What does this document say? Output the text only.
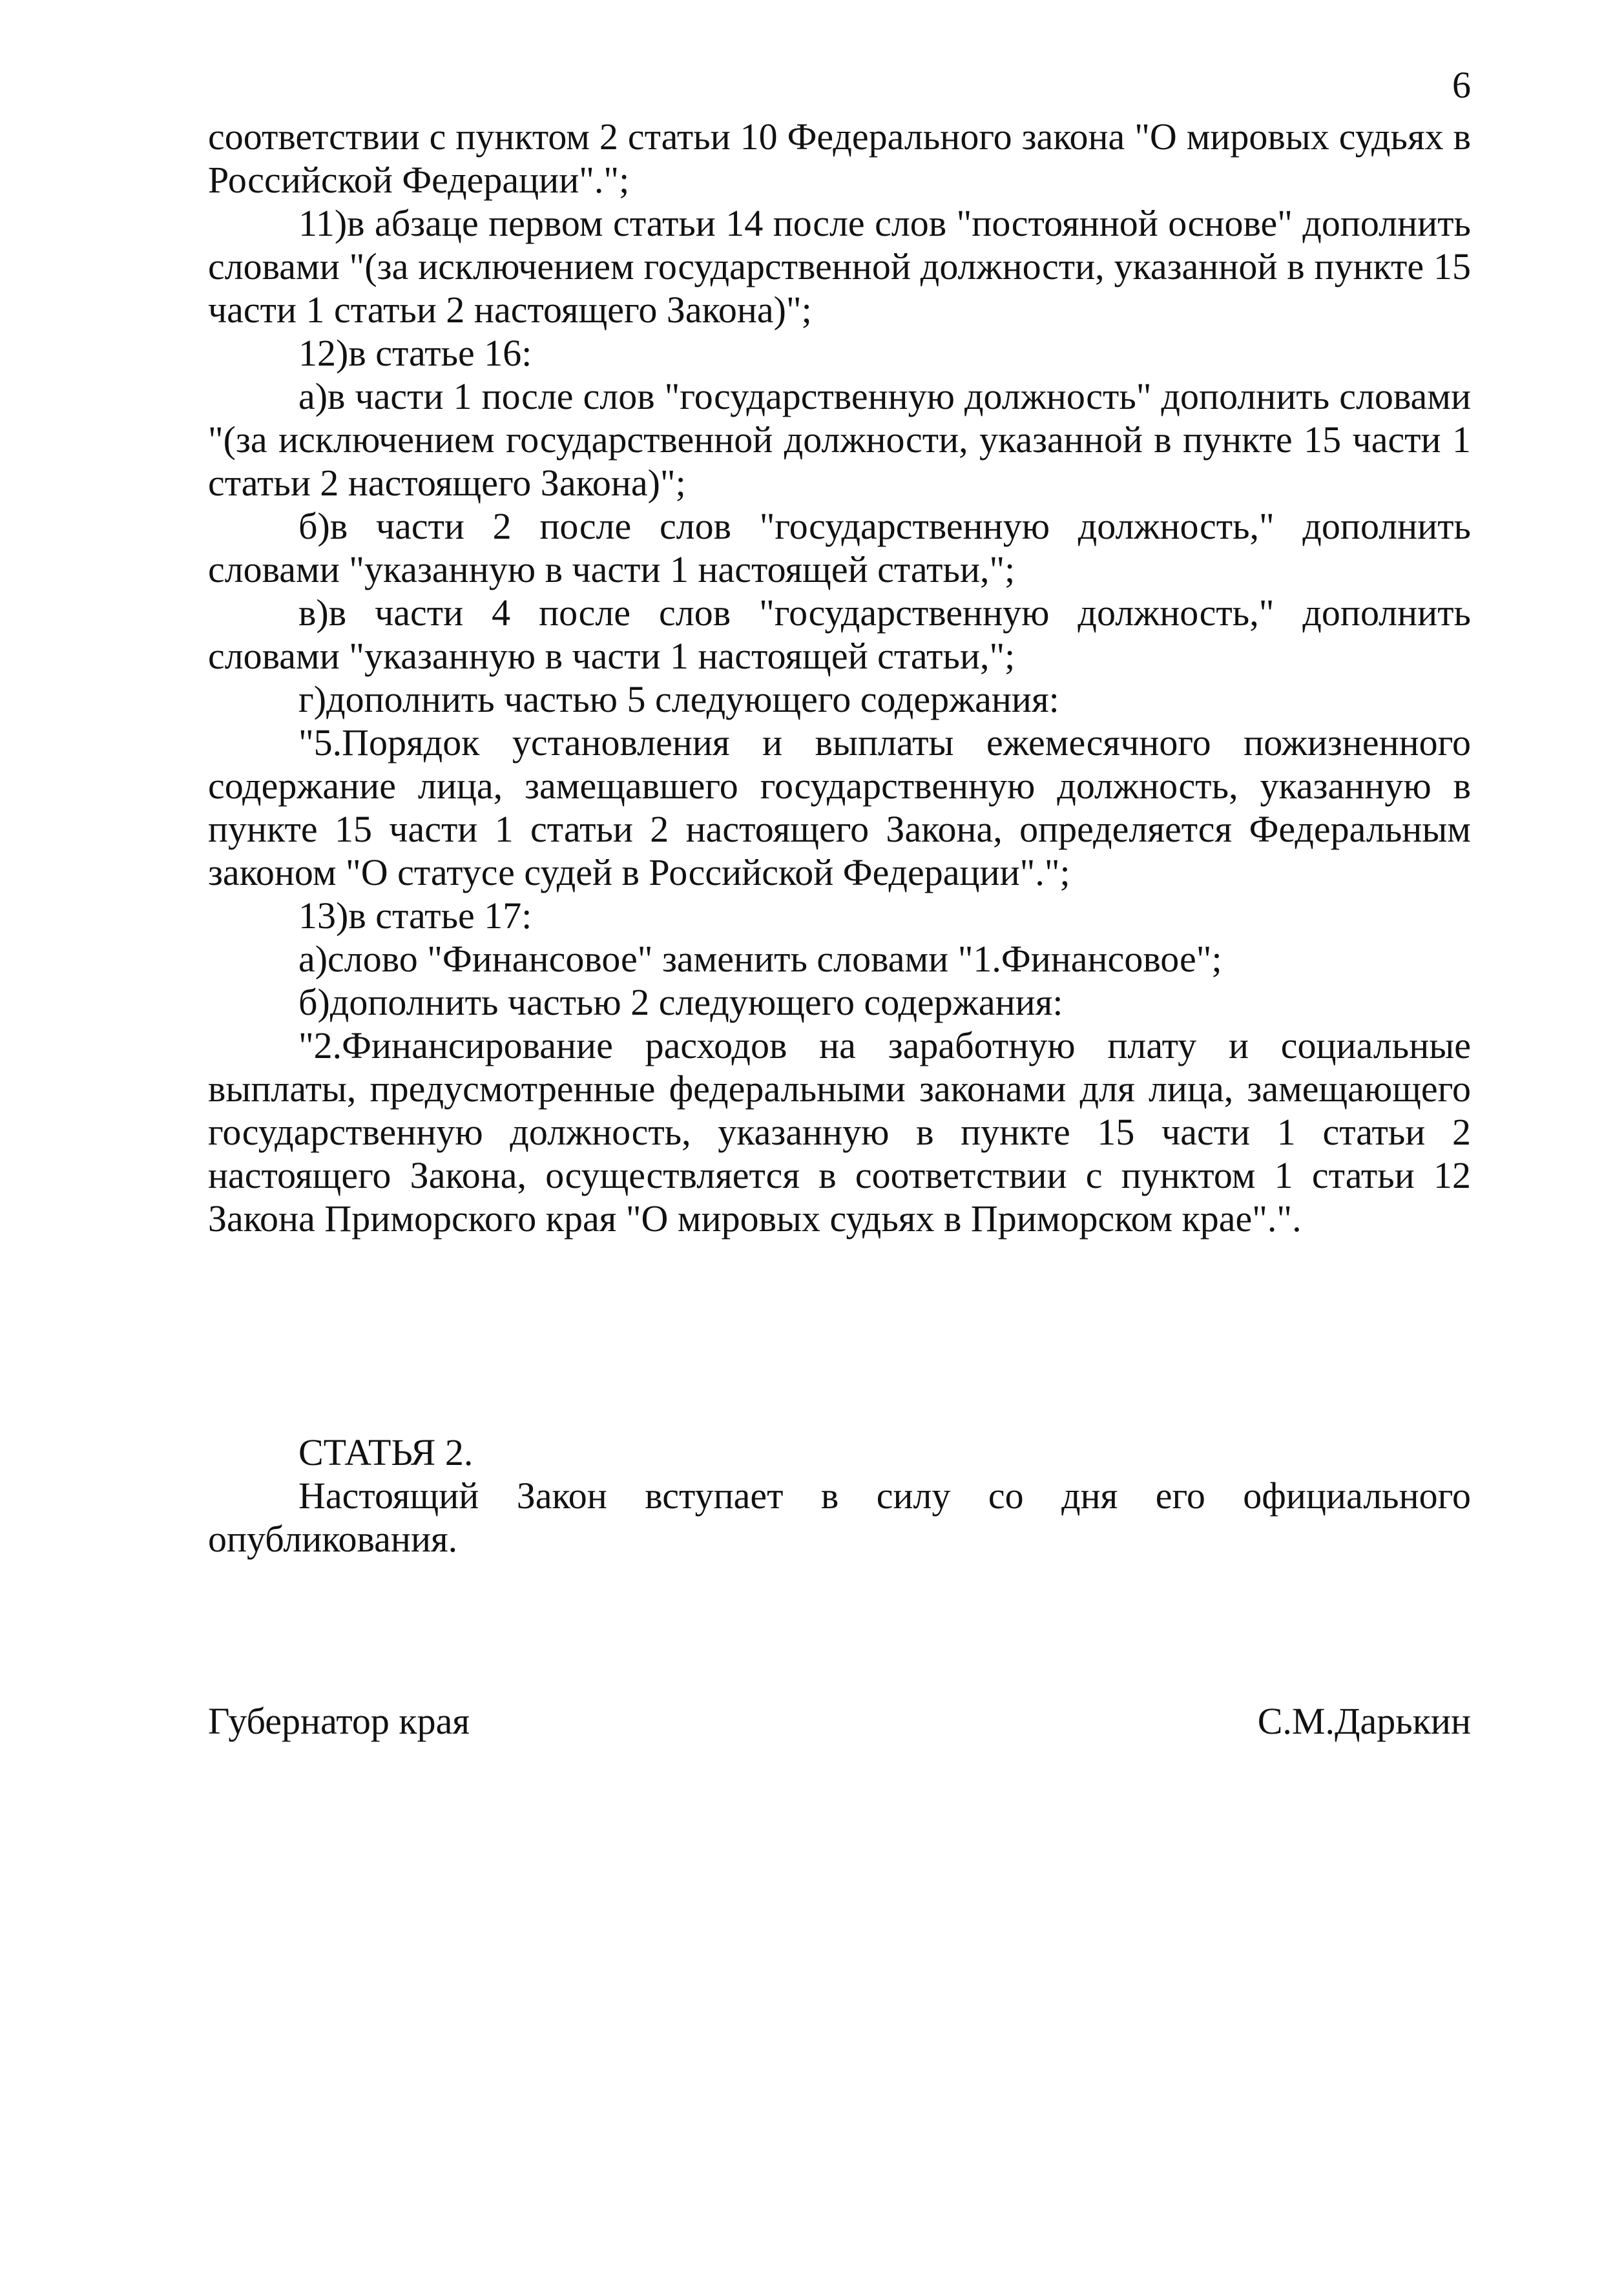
6

соответствии с пунктом 2 статьи 10 Федерального закона "О мировых судьях в Российской Федерации".";

11)в абзаце первом статьи 14 после слов "постоянной основе" дополнить словами "(за исключением государственной должности, указанной в пункте 15 части 1 статьи 2 настоящего Закона)";

12)в статье 16:

а)в части 1 после слов "государственную должность" дополнить словами "(за исключением государственной должности, указанной в пункте 15 части 1 статьи 2 настоящего Закона)";

б)в части 2 после слов "государственную должность," дополнить словами "указанную в части 1 настоящей статьи,";

в)в части 4 после слов "государственную должность," дополнить словами "указанную в части 1 настоящей статьи,";

г)дополнить частью 5 следующего содержания:

"5.Порядок установления и выплаты ежемесячного пожизненного содержание лица, замещавшего государственную должность, указанную в пункте 15 части 1 статьи 2 настоящего Закона, определяется Федеральным законом "О статусе судей в Российской Федерации".";

13)в статье 17:

а)слово "Финансовое" заменить словами "1.Финансовое";

б)дополнить частью 2 следующего содержания:

"2.Финансирование расходов на заработную плату и социальные выплаты, предусмотренные федеральными законами для лица, замещающего государственную должность, указанную в пункте 15 части 1 статьи 2 настоящего Закона, осуществляется в соответствии с пунктом 1 статьи 12 Закона Приморского края "О мировых судьях в Приморском крае".".

СТАТЬЯ 2.

Настоящий Закон вступает в силу со дня его официального опубликования.

Губернатор края	С.М.Дарькин
